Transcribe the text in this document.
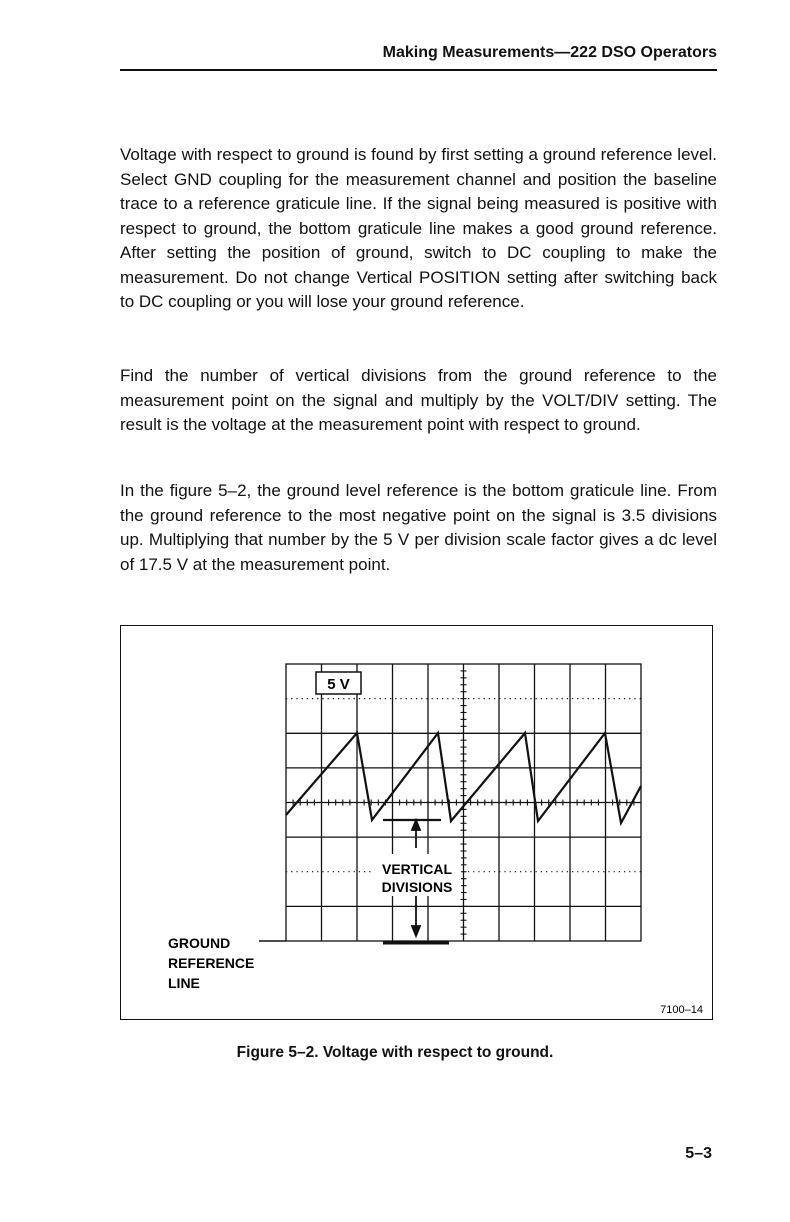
Making Measurements—222 DSO Operators

Voltage with respect to ground is found by first setting a ground reference level. Select GND coupling for the measurement channel and position the baseline trace to a reference graticule line. If the signal being measured is positive with respect to ground, the bottom graticule line makes a good ground reference. After setting the position of ground, switch to DC coupling to make the measurement. Do not change Vertical POSITION setting after switching back to DC coupling or you will lose your ground reference.

Find the number of vertical divisions from the ground reference to the measurement point on the signal and multiply by the VOLT/DIV setting. The result is the voltage at the measurement point with respect to ground.

In the figure 5–2, the ground level reference is the bottom graticule line. From the ground reference to the most negative point on the signal is 3.5 divisions up. Multiplying that number by the 5 V per division scale factor gives a dc level of 17.5 V at the measurement point.

5 V
VERTICAL
DIVISIONS
GROUND
REFERENCE
LINE
7100–14
Figure 5–2. Voltage with respect to ground.
5–3
